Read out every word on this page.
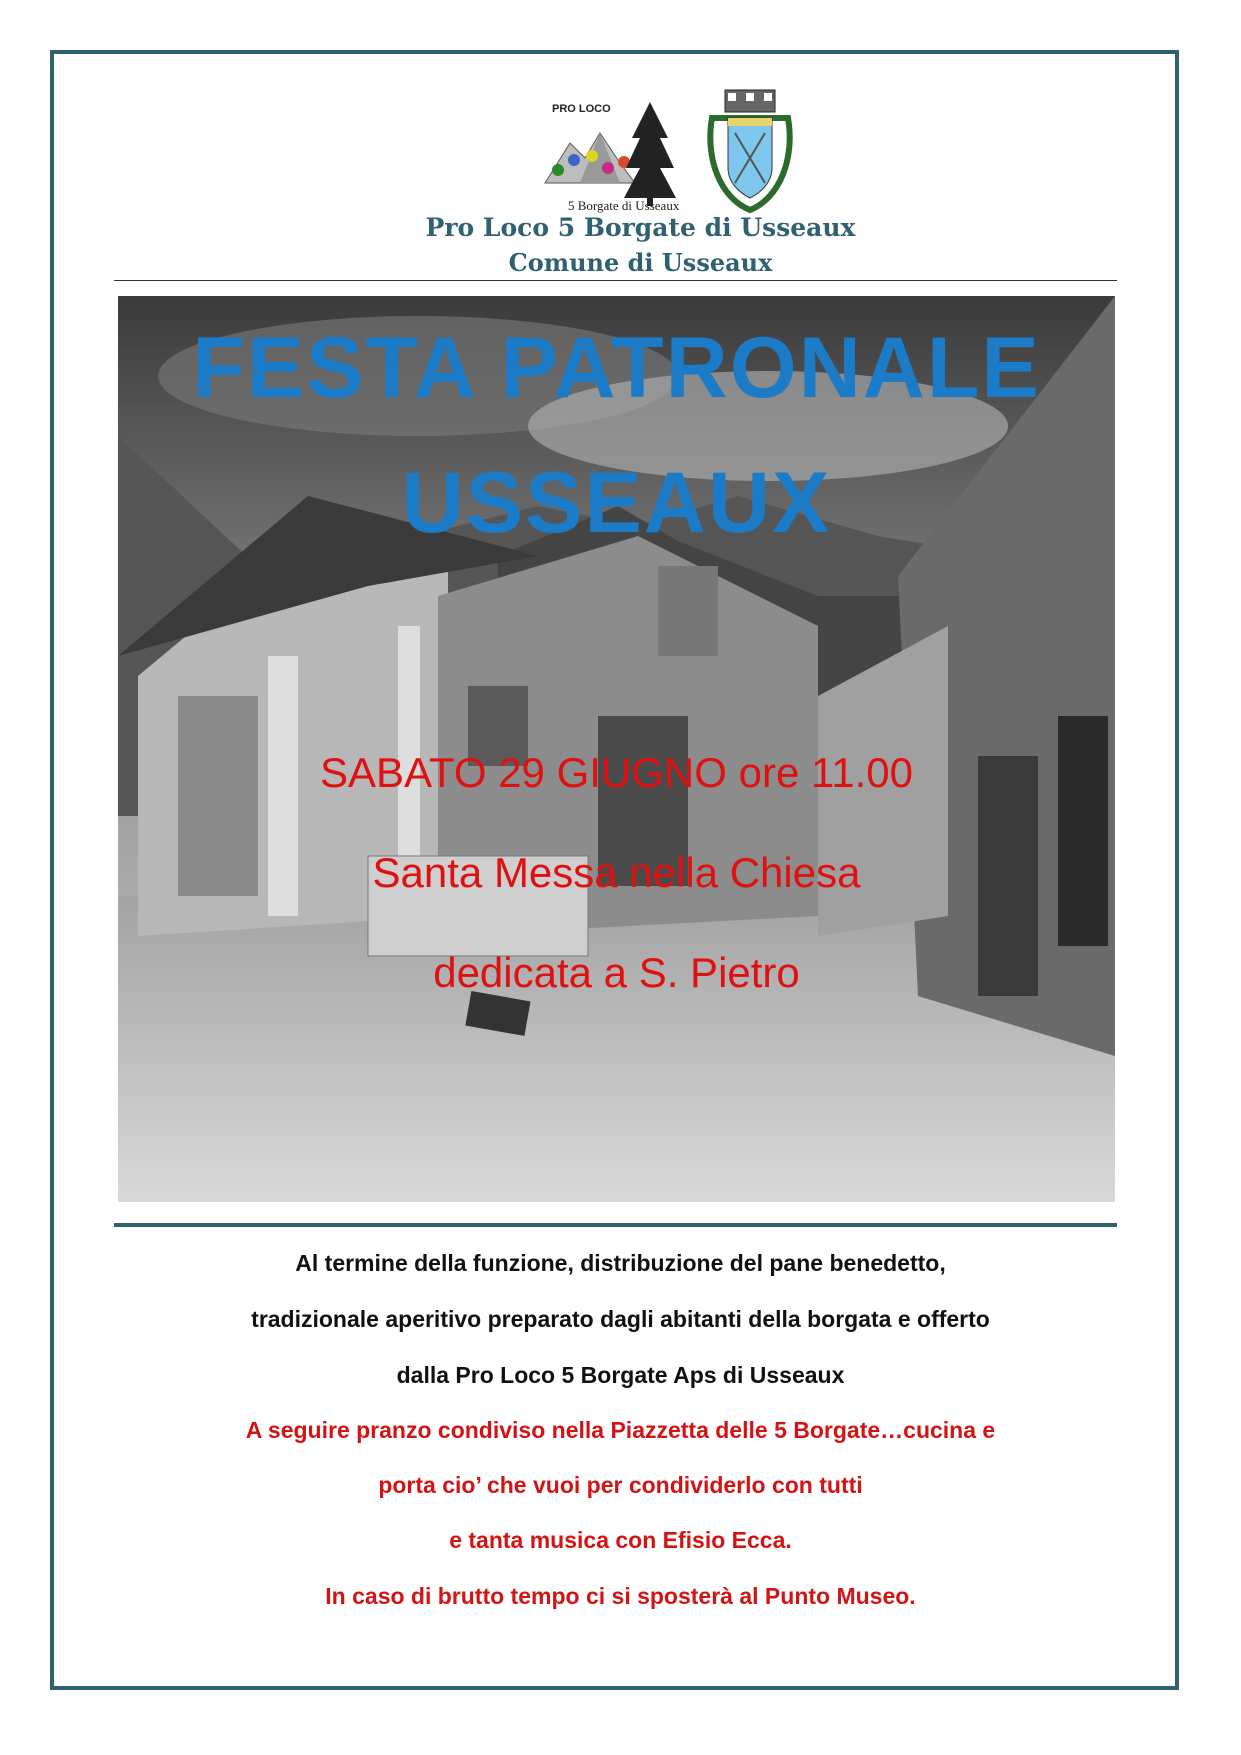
PRO LOCO
5 Borgate di Usseaux
Pro Loco 5 Borgate di Usseaux
Comune di Usseaux
FESTA PATRONALE
USSEAUX
SABATO 29 GIUGNO ore 11.00
Santa Messa nella Chiesa
dedicata a S. Pietro
Al termine della funzione, distribuzione del pane benedetto,
tradizionale aperitivo preparato dagli abitanti della borgata e offerto
dalla Pro Loco 5 Borgate Aps di Usseaux
A seguire pranzo condiviso nella Piazzetta delle 5 Borgate…cucina e
porta cio’ che vuoi per condividerlo con tutti
e tanta musica con Efisio Ecca.
In caso di brutto tempo ci si sposterà al Punto Museo.
